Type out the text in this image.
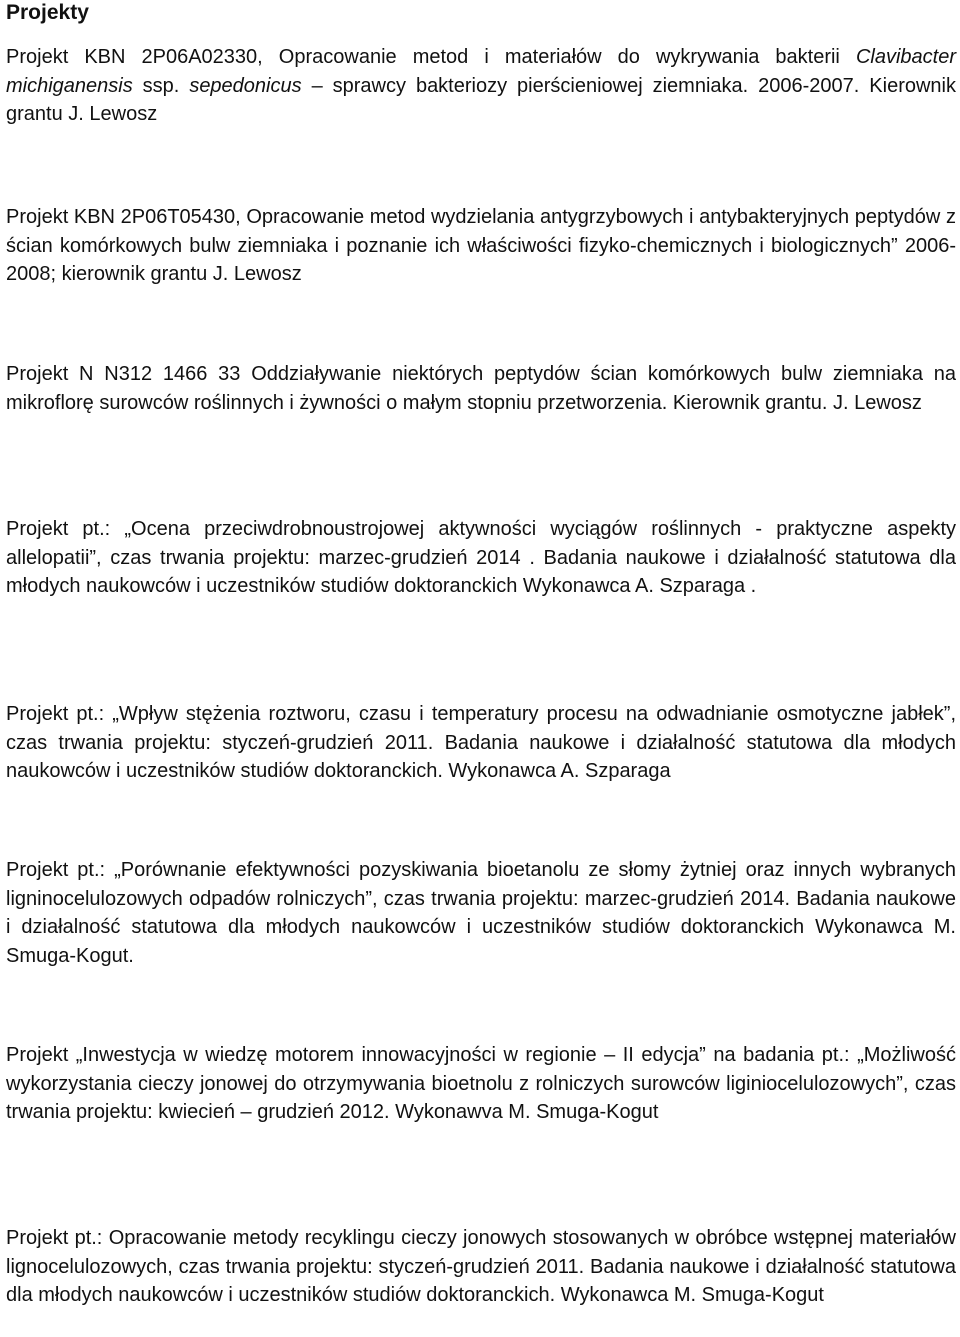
Projekty

Projekt KBN 2P06A02330, Opracowanie metod i materiałów do wykrywania bakterii Clavibacter michiganensis ssp. sepedonicus – sprawcy bakteriozy pierścieniowej ziemniaka. 2006-2007. Kierownik grantu J. Lewosz

Projekt KBN 2P06T05430, Opracowanie metod wydzielania antygrzybowych i antybakteryjnych peptydów z ścian komórkowych bulw ziemniaka i poznanie ich właściwości fizyko-chemicznych i biologicznych” 2006-2008; kierownik grantu J. Lewosz

Projekt N N312 1466 33 Oddziaływanie niektórych peptydów ścian komórkowych bulw ziemniaka na mikroflorę surowców roślinnych i żywności o małym stopniu przetworzenia. Kierownik grantu. J. Lewosz

Projekt pt.: „Ocena przeciwdrobnoustrojowej aktywności wyciągów roślinnych - praktyczne aspekty allelopatii”, czas trwania projektu: marzec-grudzień 2014 . Badania naukowe i działalność statutowa dla młodych naukowców i uczestników studiów doktoranckich Wykonawca A. Szparaga .

Projekt pt.: „Wpływ stężenia roztworu, czasu i temperatury procesu na odwadnianie osmotyczne jabłek”, czas trwania projektu: styczeń-grudzień 2011. Badania naukowe i działalność statutowa dla młodych naukowców i uczestników studiów doktoranckich. Wykonawca A. Szparaga

Projekt pt.: „Porównanie efektywności pozyskiwania bioetanolu ze słomy żytniej oraz innych wybranych ligninocelulozowych odpadów rolniczych”, czas trwania projektu: marzec-grudzień 2014. Badania naukowe i działalność statutowa dla młodych naukowców i uczestników studiów doktoranckich Wykonawca M. Smuga-Kogut.

Projekt „Inwestycja w wiedzę motorem innowacyjności w regionie – II edycja” na badania pt.: „Możliwość wykorzystania cieczy jonowej do otrzymywania bioetnolu z rolniczych surowców liginiocelulozowych”, czas trwania projektu: kwiecień – grudzień 2012. Wykonawva M. Smuga-Kogut

Projekt pt.: Opracowanie metody recyklingu cieczy jonowych stosowanych w obróbce wstępnej materiałów lignocelulozowych, czas trwania projektu: styczeń-grudzień 2011. Badania naukowe i działalność statutowa dla młodych naukowców i uczestników studiów doktoranckich. Wykonawca M. Smuga-Kogut
